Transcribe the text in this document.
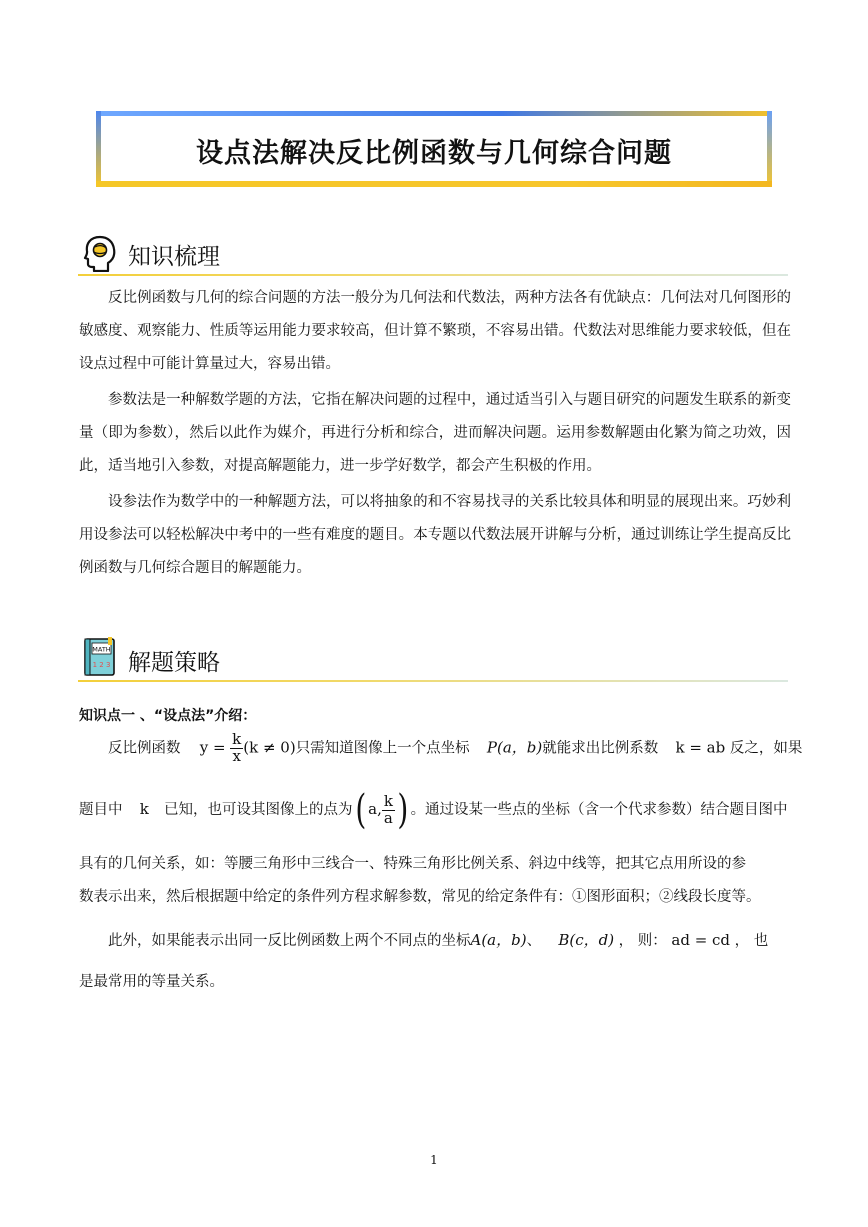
设点法解决反比例函数与几何综合问题
知识梳理

反比例函数与几何的综合问题的方法一般分为几何法和代数法，两种方法各有优缺点：几何法对几何图形的敏感度、观察能力、性质等运用能力要求较高，但计算不繁琐，不容易出错。代数法对思维能力要求较低，但在设点过程中可能计算量过大，容易出错。

参数法是一种解数学题的方法，它指在解决问题的过程中，通过适当引入与题目研究的问题发生联系的新变量（即为参数），然后以此作为媒介，再进行分析和综合，进而解决问题。运用参数解题由化繁为简之功效，因此，适当地引入参数，对提高解题能力，进一步学好数学，都会产生积极的作用。

设参法作为数学中的一种解题方法，可以将抽象的和不容易找寻的关系比较具体和明显的展现出来。巧妙利用设参法可以轻松解决中考中的一些有难度的题目。本专题以代数法展开讲解与分析，通过训练让学生提高反比例函数与几何综合题目的解题能力。

MATH
1 2 3 解题策略
知识点一 、“设点法”介绍：
反比例函数 $y = \frac{k}{x} (k \ne 0)$只需知道图像上一个点坐标 P(a，b)就能求出比例系数 k = ab 反之，如果
题目中 k 已知，也可设其图像上的点为( a, $\frac{k}{a}$ ) 。通过设某一些点的坐标（含一个代求参数）结合题目图中
具有的几何关系，如：等腰三角形中三线合一、特殊三角形比例关系、斜边中线等，把其它点用所设的参
数表示出来，然后根据题中给定的条件列方程求解参数，常见的给定条件有：①图形面积；②线段长度等。
此外，如果能表示出同一反比例函数上两个不同点的坐标A(a，b)、 B(c，d) ， 则： ad = cd ， 也
是最常用的等量关系。
1
